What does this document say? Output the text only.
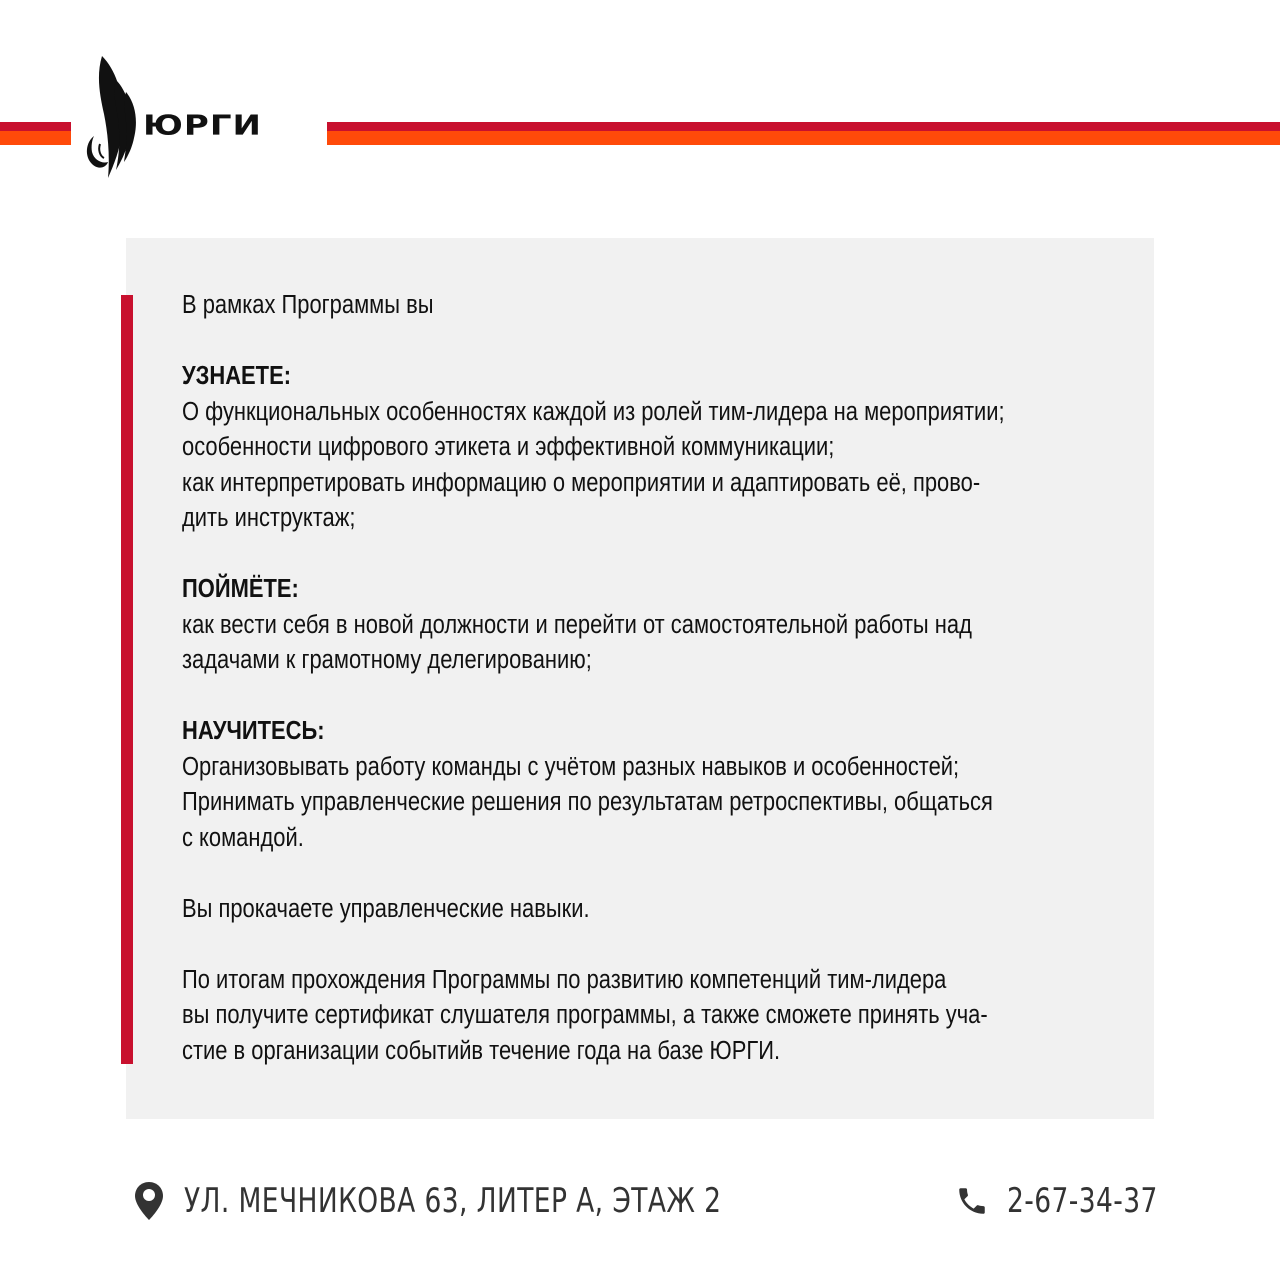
ЮРГИ

В рамках Программы вы

УЗНАЕТЕ:

О функциональных особенностях каждой из ролей тим-лидера на мероприятии;

особенности цифрового этикета и эффективной коммуникации;

как интерпретировать информацию о мероприятии и адаптировать её, прово-

дить инструктаж;

ПОЙМЁТЕ:

как вести себя в новой должности и перейти от самостоятельной работы над

задачами к грамотному делегированию;

НАУЧИТЕСЬ:

Организовывать работу команды с учётом разных навыков и особенностей;

Принимать управленческие решения по результатам ретроспективы, общаться

с командой.

Вы прокачаете управленческие навыки.

По итогам прохождения Программы по развитию компетенций тим-лидера

вы получите сертификат слушателя программы, а также сможете принять уча-

стие в организации событийв течение года на базе ЮРГИ.

УЛ. МЕЧНИКОВА 63, ЛИТЕР А, ЭТАЖ 2	2-67-34-37
